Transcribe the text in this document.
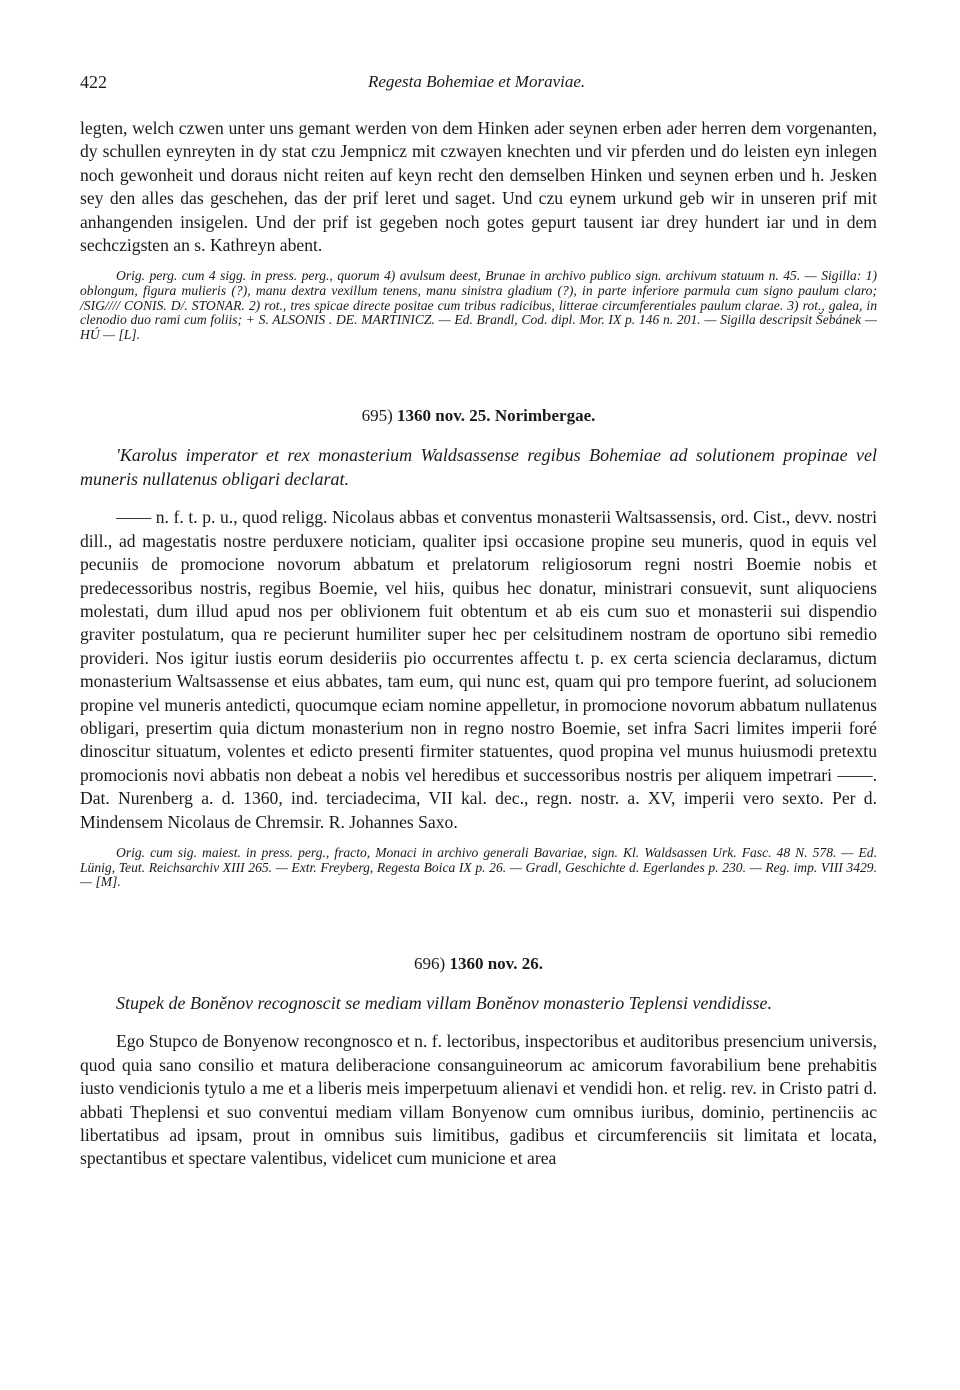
422	Regesta Bohemiae et Moraviae.

legten, welch czwen unter uns gemant werden von dem Hinken ader seynen erben ader herren dem vorgenanten, dy schullen eynreyten in dy stat czu Jempnicz mit czwayen knechten und vir pferden und do leisten eyn inlegen noch gewonheit und doraus nicht reiten auf keyn recht den demselben Hinken und seynen erben und h. Jesken sey den alles das geschehen, das der prif leret und saget. Und czu eynem urkund geb wir in unseren prif mit anhangenden insigelen. Und der prif ist gegeben noch gotes gepurt tausent iar drey hundert iar und in dem sechczigsten an s. Kathreyn abent.

Orig. perg. cum 4 sigg. in press. perg., quorum 4) avulsum deest, Brunae in archivo publico sign. archivum statuum n. 45. — Sigilla: 1) oblongum, figura mulieris (?), manu dextra vexillum tenens, manu sinistra gladium (?), in parte inferiore parmula cum signo paulum claro; /SIG//// CONIS. D/. STONAR. 2) rot., tres spicae directe positae cum tribus radicibus, litterae circumferentiales paulum clarae. 3) rot., galea, in clenodio duo rami cum foliis; + S. ALSONIS . DE. MARTINICZ. — Ed. Brandl, Cod. dipl. Mor. IX p. 146 n. 201. — Sigilla descripsit Šebánek — HÚ — [L].

695) 1360 nov. 25. Norimbergae.

'Karolus imperator et rex monasterium Waldsassense regibus Bohemiae ad solutionem propinae vel muneris nullatenus obligari declarat.

—— n. f. t. p. u., quod religg. Nicolaus abbas et conventus monasterii Waltsassensis, ord. Cist., devv. nostri dill., ad magestatis nostre perduxere noticiam, qualiter ipsi occasione propine seu muneris, quod in equis vel pecuniis de promocione novorum abbatum et prelatorum religiosorum regni nostri Boemie nobis et predecessoribus nostris, regibus Boemie, vel hiis, quibus hec donatur, ministrari consuevit, sunt aliquociens molestati, dum illud apud nos per oblivionem fuit obtentum et ab eis cum suo et monasterii sui dispendio graviter postulatum, qua re pecierunt humiliter super hec per celsitudinem nostram de oportuno sibi remedio provideri. Nos igitur iustis eorum desideriis pio occurrentes affectu t. p. ex certa sciencia declaramus, dictum monasterium Waltsassense et eius abbates, tam eum, qui nunc est, quam qui pro tempore fuerint, ad solucionem propine vel muneris antedicti, quocumque eciam nomine appelletur, in promocione novorum abbatum nullatenus obligari, presertim quia dictum monasterium non in regno nostro Boemie, set infra Sacri limites imperii foré dinoscitur situatum, volentes et edicto presenti firmiter statuentes, quod propina vel munus huiusmodi pretextu promocionis novi abbatis non debeat a nobis vel heredibus et successoribus nostris per aliquem impetrari ——. Dat. Nurenberg a. d. 1360, ind. terciadecima, VII kal. dec., regn. nostr. a. XV, imperii vero sexto. Per d. Mindensem Nicolaus de Chremsir. R. Johannes Saxo.

Orig. cum sig. maiest. in press. perg., fracto, Monaci in archivo generali Bavariae, sign. Kl. Waldsassen Urk. Fasc. 48 N. 578. — Ed. Lünig, Teut. Reichsarchiv XIII 265. — Extr. Freyberg, Regesta Boica IX p. 26. — Gradl, Geschichte d. Egerlandes p. 230. — Reg. imp. VIII 3429. — [M].

696) 1360 nov. 26.

Stupek de Boněnov recognoscit se mediam villam Boněnov monasterio Teplensi vendidisse.

Ego Stupco de Bonyenow recongnosco et n. f. lectoribus, inspectoribus et auditoribus presencium universis, quod quia sano consilio et matura deliberacione consanguineorum ac amicorum favorabilium bene prehabitis iusto vendicionis tytulo a me et a liberis meis imperpetuum alienavi et vendidi hon. et relig. rev. in Cristo patri d. abbati Theplensi et suo conventui mediam villam Bonyenow cum omnibus iuribus, dominio, pertinenciis ac libertatibus ad ipsam, prout in omnibus suis limitibus, gadibus et circumferenciis sit limitata et locata, spectantibus et spectare valentibus, videlicet cum municione et area
